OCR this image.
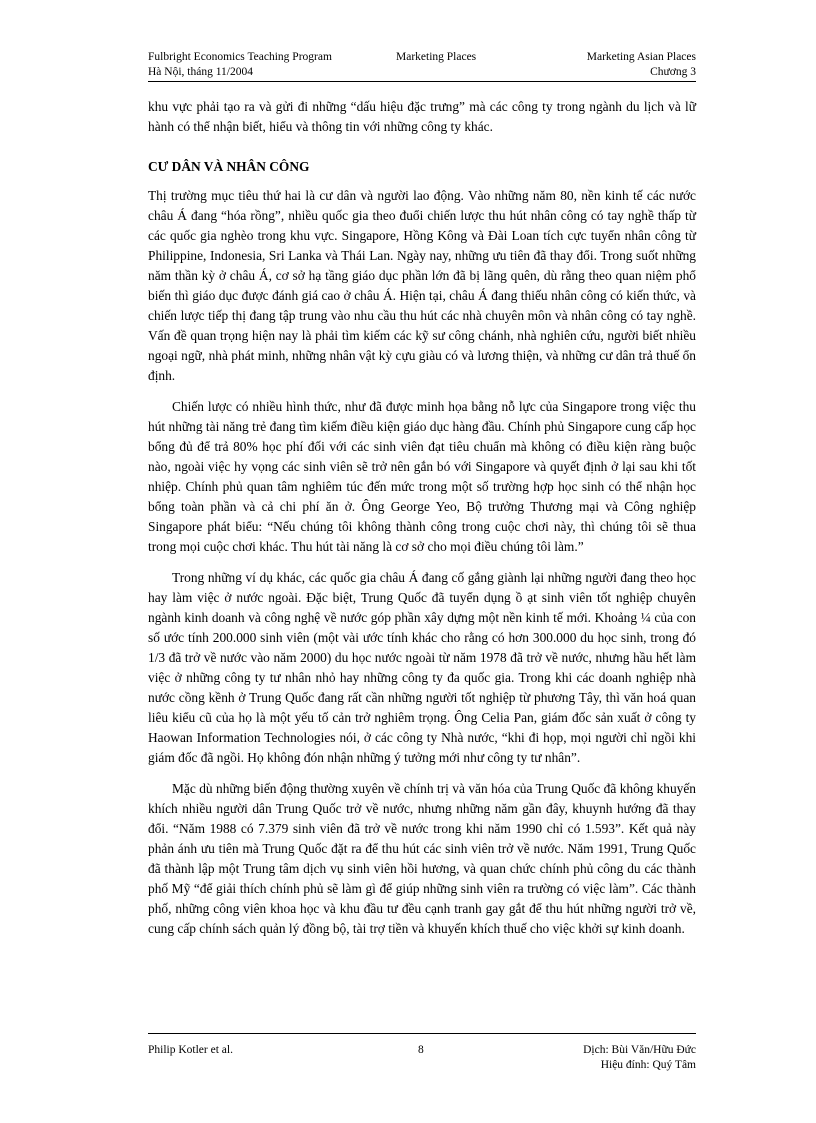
Fulbright Economics Teaching Program
Hà Nội, tháng 11/2004
Marketing Places	Marketing Asian Places
Chương 3

khu vực phải tạo ra và gửi đi những “dấu hiệu đặc trưng” mà các công ty trong ngành du lịch và lữ hành có thể nhận biết, hiểu và thông tin với những công ty khác.

CƯ DÂN VÀ NHÂN CÔNG

Thị trường mục tiêu thứ hai là cư dân và người lao động. Vào những năm 80, nền kinh tế các nước châu Á đang “hóa rồng”, nhiều quốc gia theo đuổi chiến lược thu hút nhân công có tay nghề thấp từ các quốc gia nghèo trong khu vực. Singapore, Hồng Kông và Đài Loan tích cực tuyển nhân công từ Philippine, Indonesia, Sri Lanka và Thái Lan. Ngày nay, những ưu tiên đã thay đổi. Trong suốt những năm thần kỳ ở châu Á, cơ sở hạ tầng giáo dục phần lớn đã bị lãng quên, dù rằng theo quan niệm phổ biến thì giáo dục được đánh giá cao ở châu Á. Hiện tại, châu Á đang thiếu nhân công có kiến thức, và chiến lược tiếp thị đang tập trung vào nhu cầu thu hút các nhà chuyên môn và nhân công có tay nghề. Vấn đề quan trọng hiện nay là phải tìm kiếm các kỹ sư công chánh, nhà nghiên cứu, người biết nhiều ngoại ngữ, nhà phát minh, những nhân vật kỳ cựu giàu có và lương thiện, và những cư dân trả thuế ổn định.

Chiến lược có nhiều hình thức, như đã được minh họa bằng nỗ lực của Singapore trong việc thu hút những tài năng trẻ đang tìm kiếm điều kiện giáo dục hàng đầu. Chính phủ Singapore cung cấp học bổng đủ để trả 80% học phí đối với các sinh viên đạt tiêu chuẩn mà không có điều kiện ràng buộc nào, ngoài việc hy vọng các sinh viên sẽ trở nên gắn bó với Singapore và quyết định ở lại sau khi tốt nhiệp. Chính phủ quan tâm nghiêm túc đến mức trong một số trường hợp học sinh có thể nhận học bổng toàn phần và cả chi phí ăn ở. Ông George Yeo, Bộ trưởng Thương mại và Công nghiệp Singapore phát biểu: “Nếu chúng tôi không thành công trong cuộc chơi này, thì chúng tôi sẽ thua trong mọi cuộc chơi khác. Thu hút tài năng là cơ sở cho mọi điều chúng tôi làm.”

Trong những ví dụ khác, các quốc gia châu Á đang cố gắng giành lại những người đang theo học hay làm việc ở nước ngoài. Đặc biệt, Trung Quốc đã tuyển dụng ồ ạt sinh viên tốt nghiệp chuyên ngành kinh doanh và công nghệ về nước góp phần xây dựng một nền kinh tế mới. Khoảng ¼ của con số ước tính 200.000 sinh viên (một vài ước tính khác cho rằng có hơn 300.000 du học sinh, trong đó 1/3 đã trở về nước vào năm 2000) du học nước ngoài từ năm 1978 đã trở về nước, nhưng hầu hết làm việc ở những công ty tư nhân nhỏ hay những công ty đa quốc gia. Trong khi các doanh nghiệp nhà nước cồng kềnh ở Trung Quốc đang rất cần những người tốt nghiệp từ phương Tây, thì văn hoá quan liêu kiểu cũ của họ là một yếu tố cản trở nghiêm trọng. Ông Celia Pan, giám đốc sản xuất ở công ty Haowan Information Technologies nói, ở các công ty Nhà nước, “khi đi họp, mọi người chỉ ngồi khi giám đốc đã ngồi. Họ không đón nhận những ý tưởng mới như công ty tư nhân”.

Mặc dù những biến động thường xuyên về chính trị và văn hóa của Trung Quốc đã không khuyến khích nhiều người dân Trung Quốc trở về nước, nhưng những năm gần đây, khuynh hướng đã thay đổi. “Năm 1988 có 7.379 sinh viên đã trở về nước trong khi năm 1990 chỉ có 1.593”. Kết quả này phản ánh ưu tiên mà Trung Quốc đặt ra để thu hút các sinh viên trở về nước. Năm 1991, Trung Quốc đã thành lập một Trung tâm dịch vụ sinh viên hồi hương, và quan chức chính phủ công du các thành phố Mỹ “để giải thích chính phủ sẽ làm gì để giúp những sinh viên ra trường có việc làm”. Các thành phố, những công viên khoa học và khu đầu tư đều cạnh tranh gay gắt để thu hút những người trở về, cung cấp chính sách quản lý đồng bộ, tài trợ tiền và khuyến khích thuế cho việc khởi sự kinh doanh.

Philip Kotler et al.	8	Dịch: Bùi Văn/Hữu Đức
Hiệu đính: Quý Tâm
